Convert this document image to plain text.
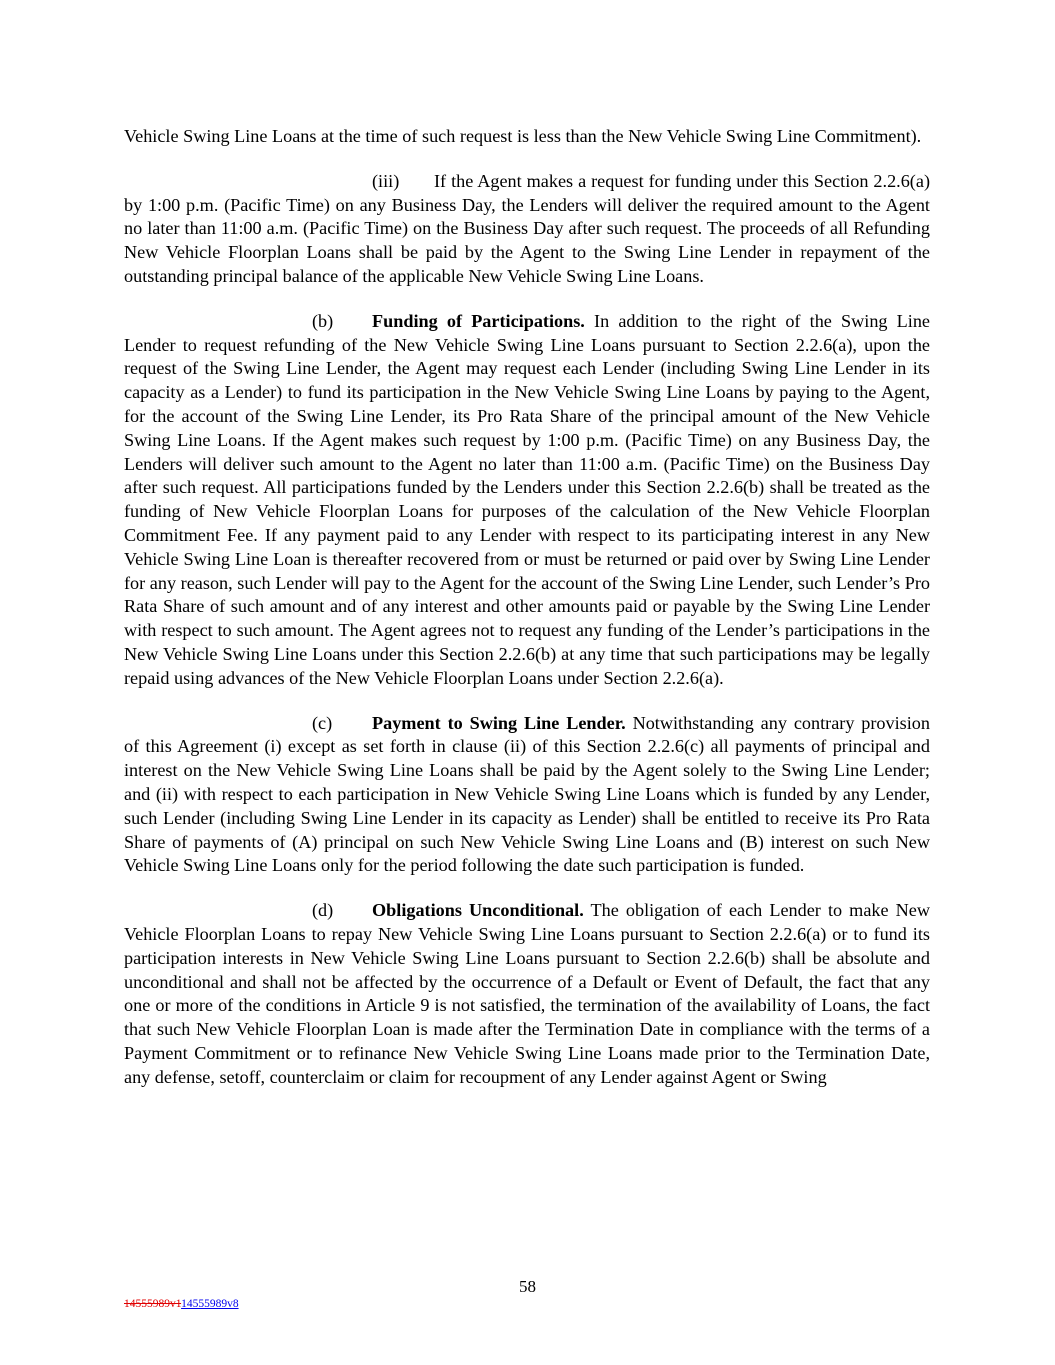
Vehicle Swing Line Loans at the time of such request is less than the New Vehicle Swing Line Commitment).

(iii) If the Agent makes a request for funding under this Section 2.2.6(a) by 1:00 p.m. (Pacific Time) on any Business Day, the Lenders will deliver the required amount to the Agent no later than 11:00 a.m. (Pacific Time) on the Business Day after such request. The proceeds of all Refunding New Vehicle Floorplan Loans shall be paid by the Agent to the Swing Line Lender in repayment of the outstanding principal balance of the applicable New Vehicle Swing Line Loans.

(b) Funding of Participations. In addition to the right of the Swing Line Lender to request refunding of the New Vehicle Swing Line Loans pursuant to Section 2.2.6(a), upon the request of the Swing Line Lender, the Agent may request each Lender (including Swing Line Lender in its capacity as a Lender) to fund its participation in the New Vehicle Swing Line Loans by paying to the Agent, for the account of the Swing Line Lender, its Pro Rata Share of the principal amount of the New Vehicle Swing Line Loans. If the Agent makes such request by 1:00 p.m. (Pacific Time) on any Business Day, the Lenders will deliver such amount to the Agent no later than 11:00 a.m. (Pacific Time) on the Business Day after such request. All participations funded by the Lenders under this Section 2.2.6(b) shall be treated as the funding of New Vehicle Floorplan Loans for purposes of the calculation of the New Vehicle Floorplan Commitment Fee. If any payment paid to any Lender with respect to its participating interest in any New Vehicle Swing Line Loan is thereafter recovered from or must be returned or paid over by Swing Line Lender for any reason, such Lender will pay to the Agent for the account of the Swing Line Lender, such Lender’s Pro Rata Share of such amount and of any interest and other amounts paid or payable by the Swing Line Lender with respect to such amount. The Agent agrees not to request any funding of the Lender’s participations in the New Vehicle Swing Line Loans under this Section 2.2.6(b) at any time that such participations may be legally repaid using advances of the New Vehicle Floorplan Loans under Section 2.2.6(a).

(c) Payment to Swing Line Lender. Notwithstanding any contrary provision of this Agreement (i) except as set forth in clause (ii) of this Section 2.2.6(c) all payments of principal and interest on the New Vehicle Swing Line Loans shall be paid by the Agent solely to the Swing Line Lender; and (ii) with respect to each participation in New Vehicle Swing Line Loans which is funded by any Lender, such Lender (including Swing Line Lender in its capacity as Lender) shall be entitled to receive its Pro Rata Share of payments of (A) principal on such New Vehicle Swing Line Loans and (B) interest on such New Vehicle Swing Line Loans only for the period following the date such participation is funded.

(d) Obligations Unconditional. The obligation of each Lender to make New Vehicle Floorplan Loans to repay New Vehicle Swing Line Loans pursuant to Section 2.2.6(a) or to fund its participation interests in New Vehicle Swing Line Loans pursuant to Section 2.2.6(b) shall be absolute and unconditional and shall not be affected by the occurrence of a Default or Event of Default, the fact that any one or more of the conditions in Article 9 is not satisfied, the termination of the availability of Loans, the fact that such New Vehicle Floorplan Loan is made after the Termination Date in compliance with the terms of a Payment Commitment or to refinance New Vehicle Swing Line Loans made prior to the Termination Date, any defense, setoff, counterclaim or claim for recoupment of any Lender against Agent or Swing

58
14555989v114555989v8
